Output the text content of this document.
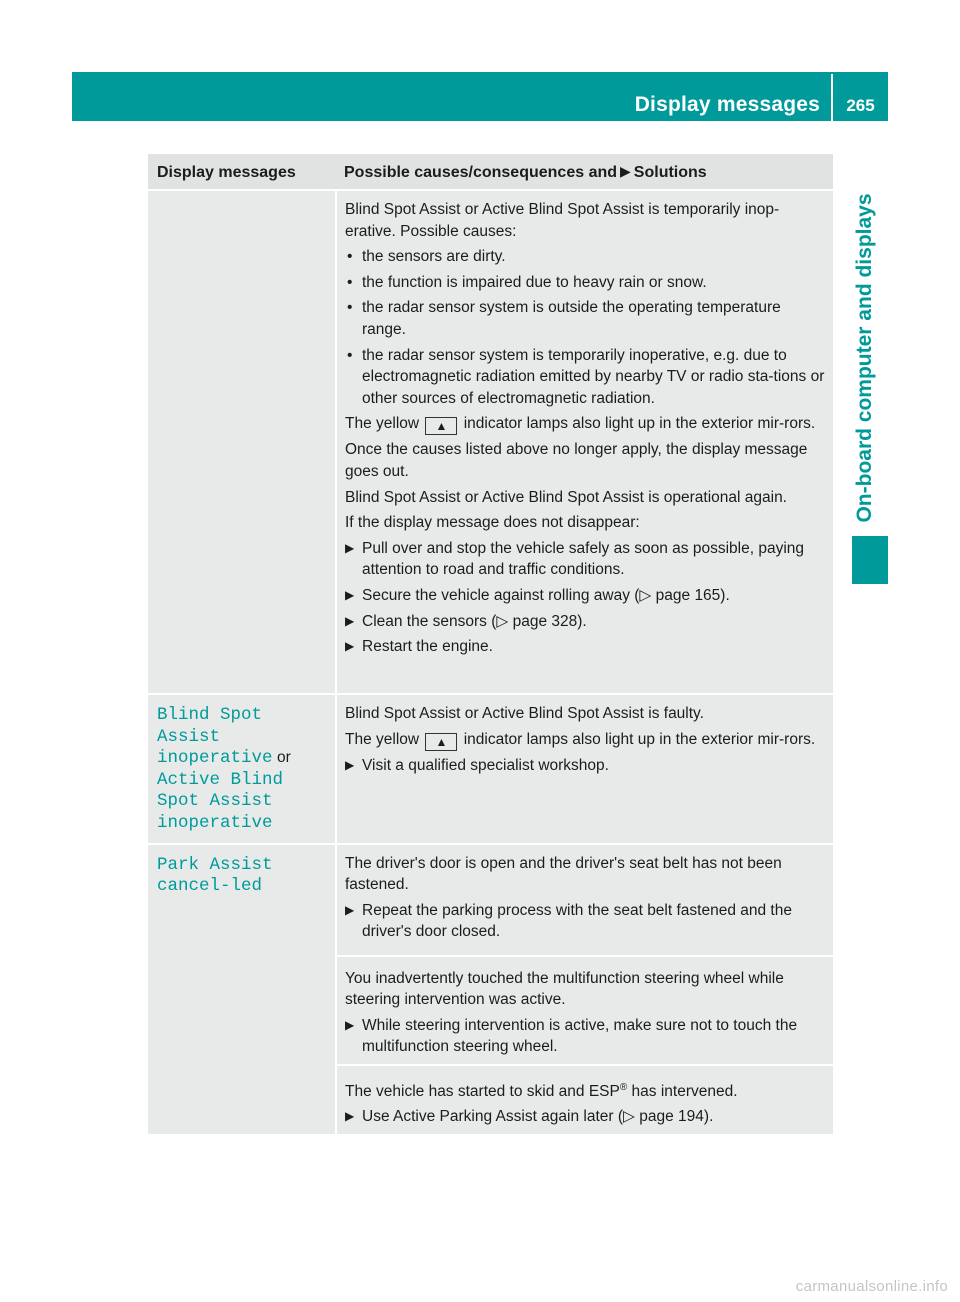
Display messages	265
On-board computer and displays
Display messages	Possible causes/consequences and ▶ Solutions

Blind Spot Assist or Active Blind Spot Assist is temporarily inop-erative. Possible causes:

• the sensors are dirty.
• the function is impaired due to heavy rain or snow.
• the radar sensor system is outside the operating temperature range.
• the radar sensor system is temporarily inoperative, e.g. due to electromagnetic radiation emitted by nearby TV or radio sta-tions or other sources of electromagnetic radiation.

The yellow ▲ indicator lamps also light up in the exterior mir-rors.

Once the causes listed above no longer apply, the display message goes out.

Blind Spot Assist or Active Blind Spot Assist is operational again.

If the display message does not disappear:

▶ Pull over and stop the vehicle safely as soon as possible, paying attention to road and traffic conditions.
▶ Secure the vehicle against rolling away (▷ page 165).
▶ Clean the sensors (▷ page 328).
▶ Restart the engine.
Blind Spot Assist inoperative or Active Blind Spot Assist inoperative

Blind Spot Assist or Active Blind Spot Assist is faulty.

The yellow ▲ indicator lamps also light up in the exterior mir-rors.

▶ Visit a qualified specialist workshop.
Park Assist cancel-led

The driver's door is open and the driver's seat belt has not been fastened.

▶ Repeat the parking process with the seat belt fastened and the driver's door closed.

You inadvertently touched the multifunction steering wheel while steering intervention was active.

▶ While steering intervention is active, make sure not to touch the multifunction steering wheel.

The vehicle has started to skid and ESP® has intervened.

▶ Use Active Parking Assist again later (▷ page 194).
carmanualsonline.info
